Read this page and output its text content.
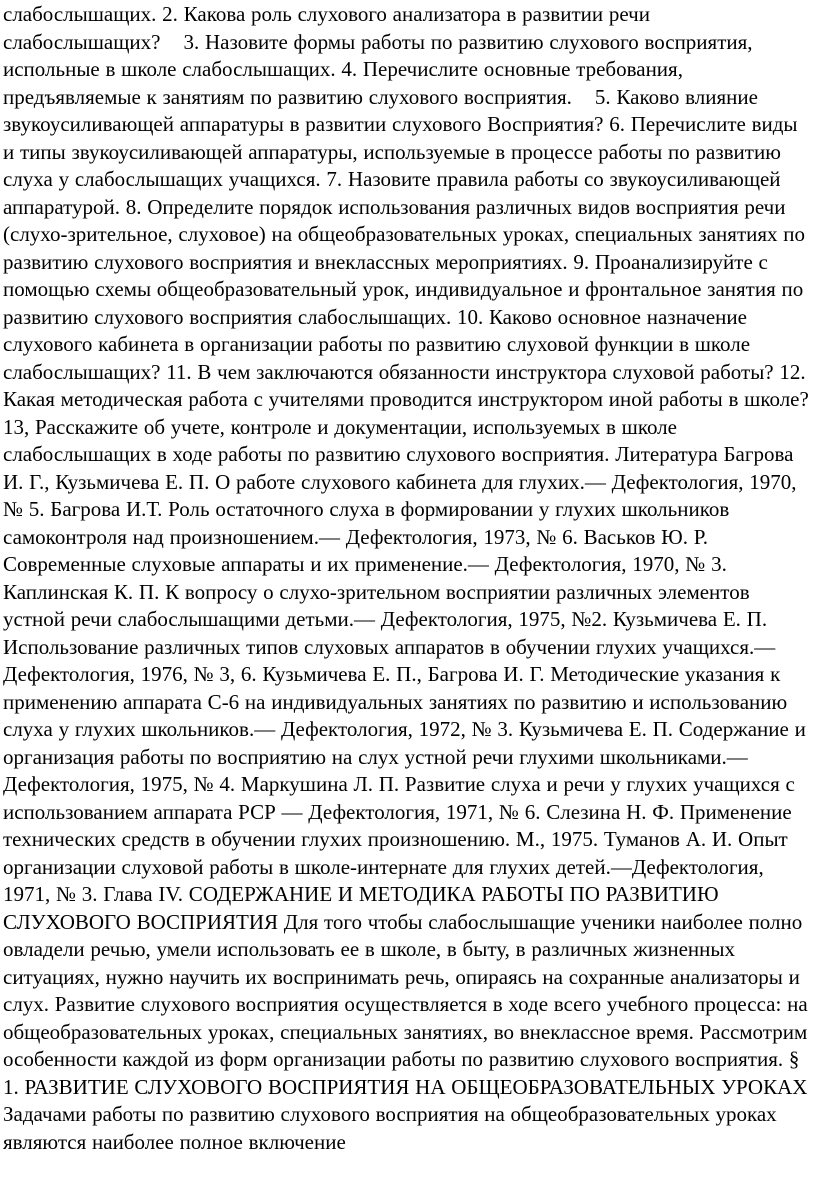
слабослышащих. 2. Какова роль слухового анализатора в развитии речи слабослышащих?    3. Назовите формы работы по развитию слухового восприятия, испольные в школе слабослышащих. 4. Перечислите основные требования, предъявляемые к занятиям по развитию слухового восприятия.    5. Каково влияние звукоусиливающей аппаратуры в развитии слухового Восприятия? 6. Перечислите виды и типы звукоусиливающей аппаратуры, используемые в процессе работы по развитию слуха у слабослышащих учащихся. 7. Назовите правила работы со звукоусиливающей аппаратурой. 8. Определите порядок использования различных видов восприятия речи (слухо-зрительное, слуховое) на общеобразовательных уроках, специальных занятиях по развитию слухового восприятия и внеклассных мероприятиях. 9. Проанализируйте с помощью схемы общеобразовательный урок, индивидуальное и фронтальное занятия по развитию слухового восприятия слабослышащих. 10. Каково основное назначение слухового кабинета в организации работы по развитию слуховой функции в школе слабослышащих? 11. В чем заключаются обязанности инструктора слуховой работы? 12. Какая методическая работа с учителями проводится инструктором иной работы в школе? 13, Расскажите об учете, контроле и документации, используемых в школе слабослышащих в ходе работы по развитию слухового восприятия. Литература Багрова И. Г., Кузьмичева Е. П. О работе слухового кабинета для глухих.— Дефектология, 1970, № 5. Багрова И.Т. Роль остаточного слуха в формировании у глухих школьников самоконтроля над произношением.— Дефектология, 1973, № 6. Васьков Ю. Р. Современные слуховые аппараты и их применение.— Дефектология, 1970, № 3. Каплинская К. П. К вопросу о слухо-зрительном восприятии различных элементов устной речи слабослышащими детьми.— Дефектология, 1975, №2. Кузьмичева Е. П. Использование различных типов слуховых аппаратов в обучении глухих учащихся.— Дефектология, 1976, № 3, 6. Кузьмичева Е. П., Багрова И. Г. Методические указания к применению аппарата С-6 на индивидуальных занятиях по развитию и использованию слуха у глухих школьников.— Дефектология, 1972, № 3. Кузьмичева Е. П. Содержание и организация работы по восприятию на слух устной речи глухими школьниками.— Дефектология, 1975, № 4. Маркушина Л. П. Развитие слуха и речи у глухих учащихся с использованием аппарата РСР — Дефектология, 1971, № 6. Слезина Н. Ф. Применение технических средств в обучении глухих произношению. М., 1975. Туманов А. И. Опыт организации слуховой работы в школе-интернате для глухих детей.—Дефектология, 1971, № 3. Глава IV. СОДЕРЖАНИЕ И МЕТОДИКА РАБОТЫ ПО РАЗВИТИЮ СЛУХОВОГО ВОСПРИЯТИЯ Для того чтобы слабослышащие ученики наиболее полно овладели речью, умели использовать ее в школе, в быту, в различных жизненных ситуациях, нужно научить их воспринимать речь, опираясь на сохранные анализаторы и слух. Развитие слухового восприятия осуществляется в ходе всего учебного процесса: на общеобразовательных уроках, специальных занятиях, во внеклассное время. Рассмотрим особенности каждой из форм организации работы по развитию слухового восприятия. § 1. РАЗВИТИЕ СЛУХОВОГО ВОСПРИЯТИЯ НА ОБЩЕОБРАЗОВАТЕЛЬНЫХ УРОКАХ Задачами работы по развитию слухового восприятия на общеобразовательных уроках являются наиболее полное включение
